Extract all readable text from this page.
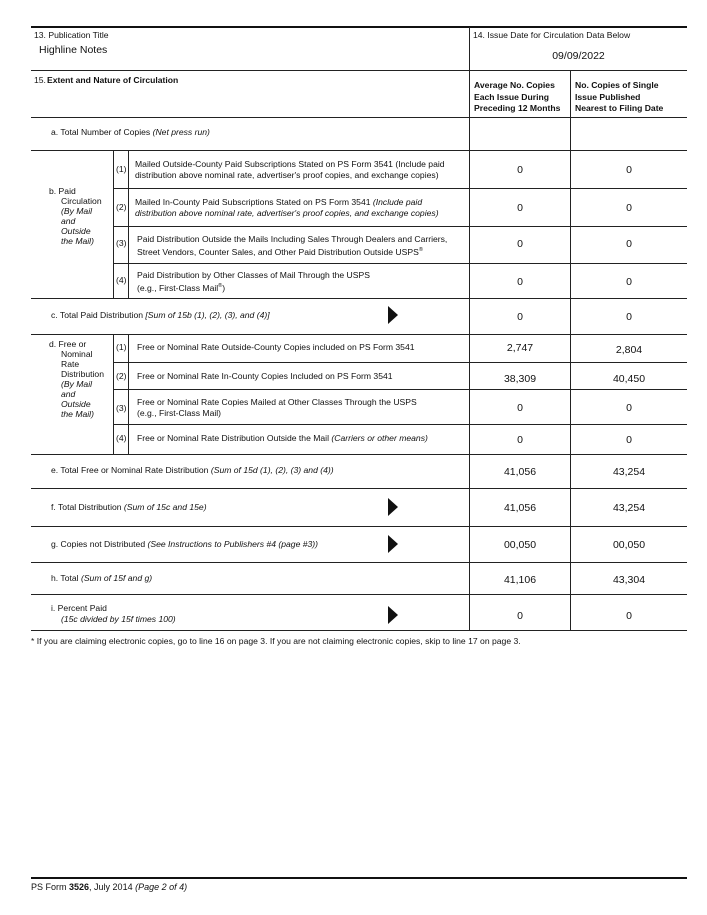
13. Publication Title
Highline Notes
14. Issue Date for Circulation Data Below
09/09/2022
15. Extent and Nature of Circulation	Average No. Copies
Each Issue During
Preceding 12 Months
No. Copies of Single
Issue Published
Nearest to Filing Date
a. Total Number of Copies (Net press run)
b. Paid
Circulation
(By Mail
and
Outside
the Mail)
(1) Mailed Outside-County Paid Subscriptions Stated on PS Form 3541 (Include paid
distribution above nominal rate, advertiser's proof copies, and exchange copies)	0	0
(2) Mailed In-County Paid Subscriptions Stated on PS Form 3541 (Include paid
distribution above nominal rate, advertiser's proof copies, and exchange copies)	0	0
(3) Paid Distribution Outside the Mails Including Sales Through Dealers and Carriers,
Street Vendors, Counter Sales, and Other Paid Distribution Outside USPS®	0	0
(4) Paid Distribution by Other Classes of Mail Through the USPS
(e.g., First-Class Mail®)	0	0
c. Total Paid Distribution [Sum of 15b (1), (2), (3), and (4)]	0	0
d. Free or
Nominal
Rate
Distribution
(By Mail
and
Outside
the Mail)
(1) Free or Nominal Rate Outside-County Copies included on PS Form 3541	2,747	2,804
(2) Free or Nominal Rate In-County Copies Included on PS Form 3541	38,309	40,450
(3)
Free or Nominal Rate Copies Mailed at Other Classes Through the USPS
(e.g., First-Class Mail)	0	0
(4) Free or Nominal Rate Distribution Outside the Mail (Carriers or other means)	0	0
e. Total Free or Nominal Rate Distribution (Sum of 15d (1), (2), (3) and (4))	41,056	43,254
f. Total Distribution (Sum of 15c and 15e)	41,056	43,254
g. Copies not Distributed (See Instructions to Publishers #4 (page #3))	00,050	00,050
h. Total (Sum of 15f and g)	41,106	43,304
i. Percent Paid
(15c divided by 15f times 100)	0	0
* If you are claiming electronic copies, go to line 16 on page 3. If you are not claiming electronic copies, skip to line 17 on page 3.
PS Form 3526, July 2014 (Page 2 of 4)
